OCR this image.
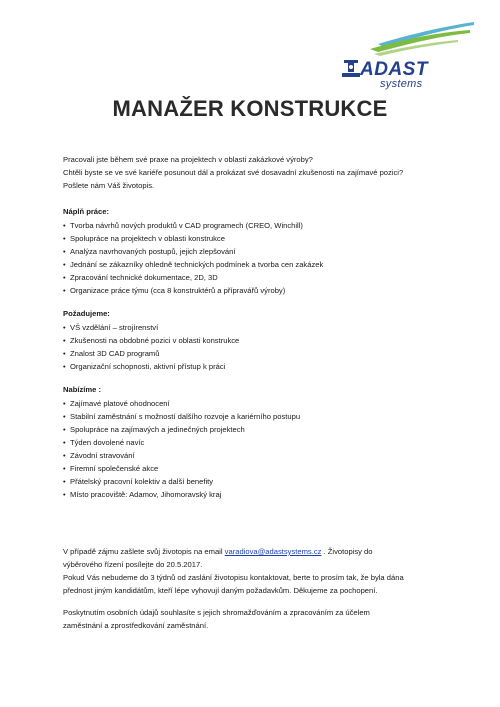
ADAST
systems
MANAŽER KONSTRUKCE

Pracovali jste během své praxe na projektech v oblasti zakázkové výroby?

Chtěli byste se ve své kariéře posunout dál a prokázat své dosavadní zkušenosti na zajímavé pozici?

Pošlete nám Váš životopis.

Náplň práce:
• Tvorba návrhů nových produktů v CAD programech (CREO, Winchill)
• Spolupráce na projektech v oblasti konstrukce
• Analýza navrhovaných postupů, jejich zlepšování
• Jednání se zákazníky ohledně technických podmínek a tvorba cen zakázek
• Zpracování technické dokumentace, 2D, 3D
• Organizace práce týmu (cca 8 konstruktérů a přípravářů výroby)
Požadujeme:
• VŠ vzdělání – strojírenství
• Zkušenosti na obdobné pozici v oblasti konstrukce
• Znalost 3D CAD programů
• Organizační schopnosti, aktivní přístup k práci
Nabízíme :
• Zajímavé platové ohodnocení
• Stabilní zaměstnání s možností dalšího rozvoje a kariérního postupu
• Spolupráce na zajímavých a jedinečných projektech
• Týden dovolené navíc
• Závodní stravování
• Firemní společenské akce
• Přátelský pracovní kolektiv a další benefity
• Místo pracoviště: Adamov, Jihomoravský kraj

V případě zájmu zašlete svůj životopis na email varadiova@adastsystems.cz . Životopisy do

výběrového řízení posílejte do 20.5.2017.

Pokud Vás nebudeme do 3 týdnů od zaslání životopisu kontaktovat, berte to prosím tak, že byla dána

přednost jiným kandidátům, kteří lépe vyhovují daným požadavkům. Děkujeme za pochopení.

Poskytnutím osobních údajů souhlasíte s jejich shromažďováním a zpracováním za účelem

zaměstnání a zprostředkování zaměstnání.
